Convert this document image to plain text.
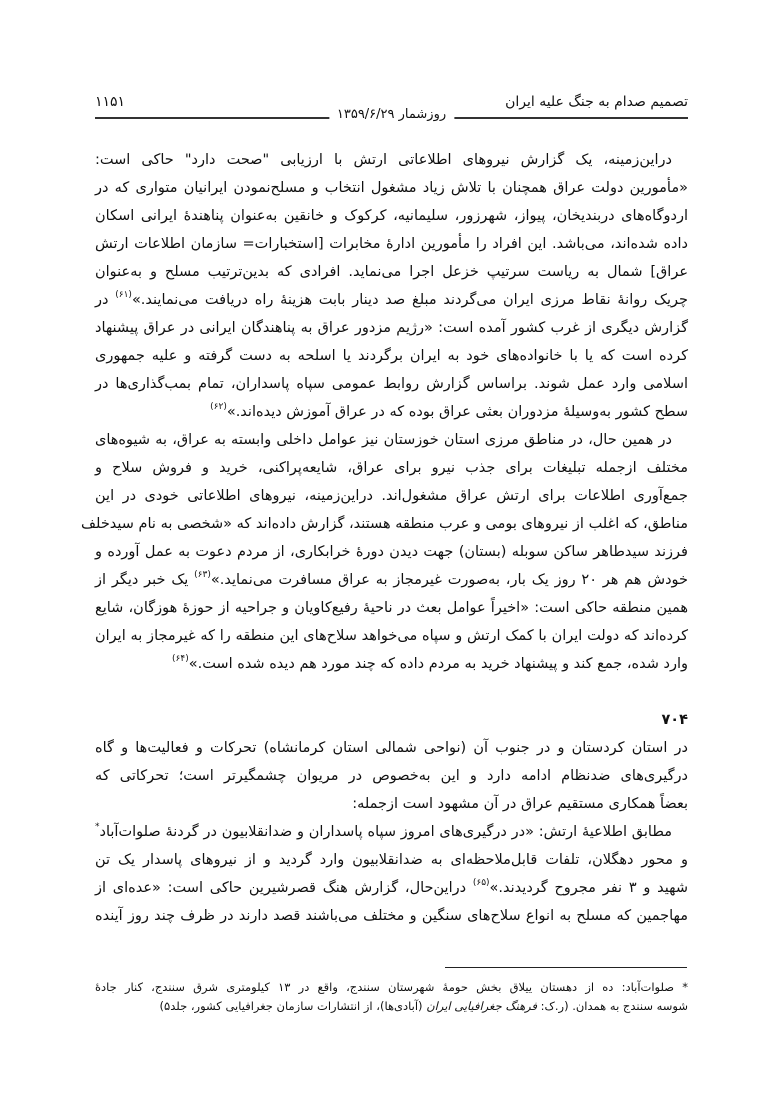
تصمیم صدام به جنگ علیه ایران
۱۱۵۱
روزشمار ۱۳۵۹/۶/۲۹
دراین‌زمینه، یک گزارش نیروهای اطلاعاتی ارتش با ارزیابی "صحت دارد" حاکی است:
«مأمورین دولت عراق همچنان با تلاش زیاد مشغول انتخاب و مسلح‌نمودن ایرانیان متواری که در
اردوگاه‌های دربندیخان، پیواز، شهرزور، سلیمانیه، کرکوک و خانقین به‌عنوان پناهندهٔ ایرانی اسکان
داده شده‌اند، می‌باشد. این افراد را مأمورین ادارهٔ مخابرات [استخبارات= سازمان اطلاعات ارتش
عراق] شمال به ریاست سرتیپ خزعل اجرا می‌نماید. افرادی که بدین‌ترتیب مسلح و به‌عنوان
چریک روانهٔ نقاط مرزی ایران می‌گردند مبلغ صد دینار بابت هزینهٔ راه دریافت می‌نمایند.»$^{(۶۱)}$ در
گزارش دیگری از غرب کشور آمده است: «رژیم مزدور عراق به پناهندگان ایرانی در عراق پیشنهاد
کرده است که یا با خانواده‌های خود به ایران برگردند یا اسلحه به دست گرفته و علیه جمهوری
اسلامی وارد عمل شوند. براساس گزارش روابط عمومی سپاه پاسداران، تمام بمب‌گذاری‌ها در
سطح کشور به‌وسیلهٔ مزدوران بعثی عراق بوده که در عراق آموزش دیده‌اند.»$^{(۶۲)}$
در همین حال، در مناطق مرزی استان خوزستان نیز عوامل داخلی وابسته به عراق، به شیوه‌های
مختلف ازجمله تبلیغات برای جذب نیرو برای عراق، شایعه‌پراکنی، خرید و فروش سلاح و
جمع‌آوری اطلاعات برای ارتش عراق مشغول‌اند. دراین‌زمینه، نیروهای اطلاعاتی خودی در این
مناطق، که اغلب از نیروهای بومی و عرب منطقه هستند، گزارش داده‌اند که «شخصی به نام سیدخلف
فرزند سیدطاهر ساکن سوبله (بستان) جهت دیدن دورهٔ خرابکاری، از مردم دعوت به عمل آورده و
خودش هم هر ۲۰ روز یک بار، به‌صورت غیرمجاز به عراق مسافرت می‌نماید.»$^{(۶۳)}$ یک خبر دیگر از
همین منطقه حاکی است: «اخیراً عوامل بعث در ناحیهٔ رفیع‌کاویان و جراحیه از حوزهٔ هوزگان، شایع
کرده‌اند که دولت ایران با کمک ارتش و سپاه می‌خواهد سلاح‌های این منطقه را که غیرمجاز به ایران
وارد شده، جمع کند و پیشنهاد خرید به مردم داده که چند مورد هم دیده شده است.»$^{(۶۴)}$
۷۰۴
در استان کردستان و در جنوب آن (نواحی شمالی استان کرمانشاه) تحرکات و فعالیت‌ها و گاه
درگیری‌های ضدنظام ادامه دارد و این به‌خصوص در مریوان چشمگیرتر است؛ تحرکاتی که
بعضاً همکاری مستقیم عراق در آن مشهود است ازجمله:
مطابق اطلاعیهٔ ارتش: «در درگیری‌های امروز سپاه پاسداران و ضدانقلابیون در گردنهٔ صلوات‌آباد*
و محور دهگلان، تلفات قابل‌ملاحظه‌ای به ضدانقلابیون وارد گردید و از نیروهای پاسدار یک تن
شهید و ۳ نفر مجروح گردیدند.»$^{(۶۵)}$ دراین‌حال، گزارش هنگ قصرشیرین حاکی است: «عده‌ای از
مهاجمین که مسلح به انواع سلاح‌های سنگین و مختلف می‌باشند قصد دارند در ظرف چند روز آینده
* صلوات‌آباد: ده از دهستان ییلاق بخش حومهٔ شهرستان سنندج، واقع در ۱۳ کیلومتری شرق سنندج، کنار جادهٔ
شوسه سنندج به همدان. (ر.ک: فرهنگ جغرافیایی ایران (آبادی‌ها)، از انتشارات سازمان جغرافیایی کشور، جلد۵)
